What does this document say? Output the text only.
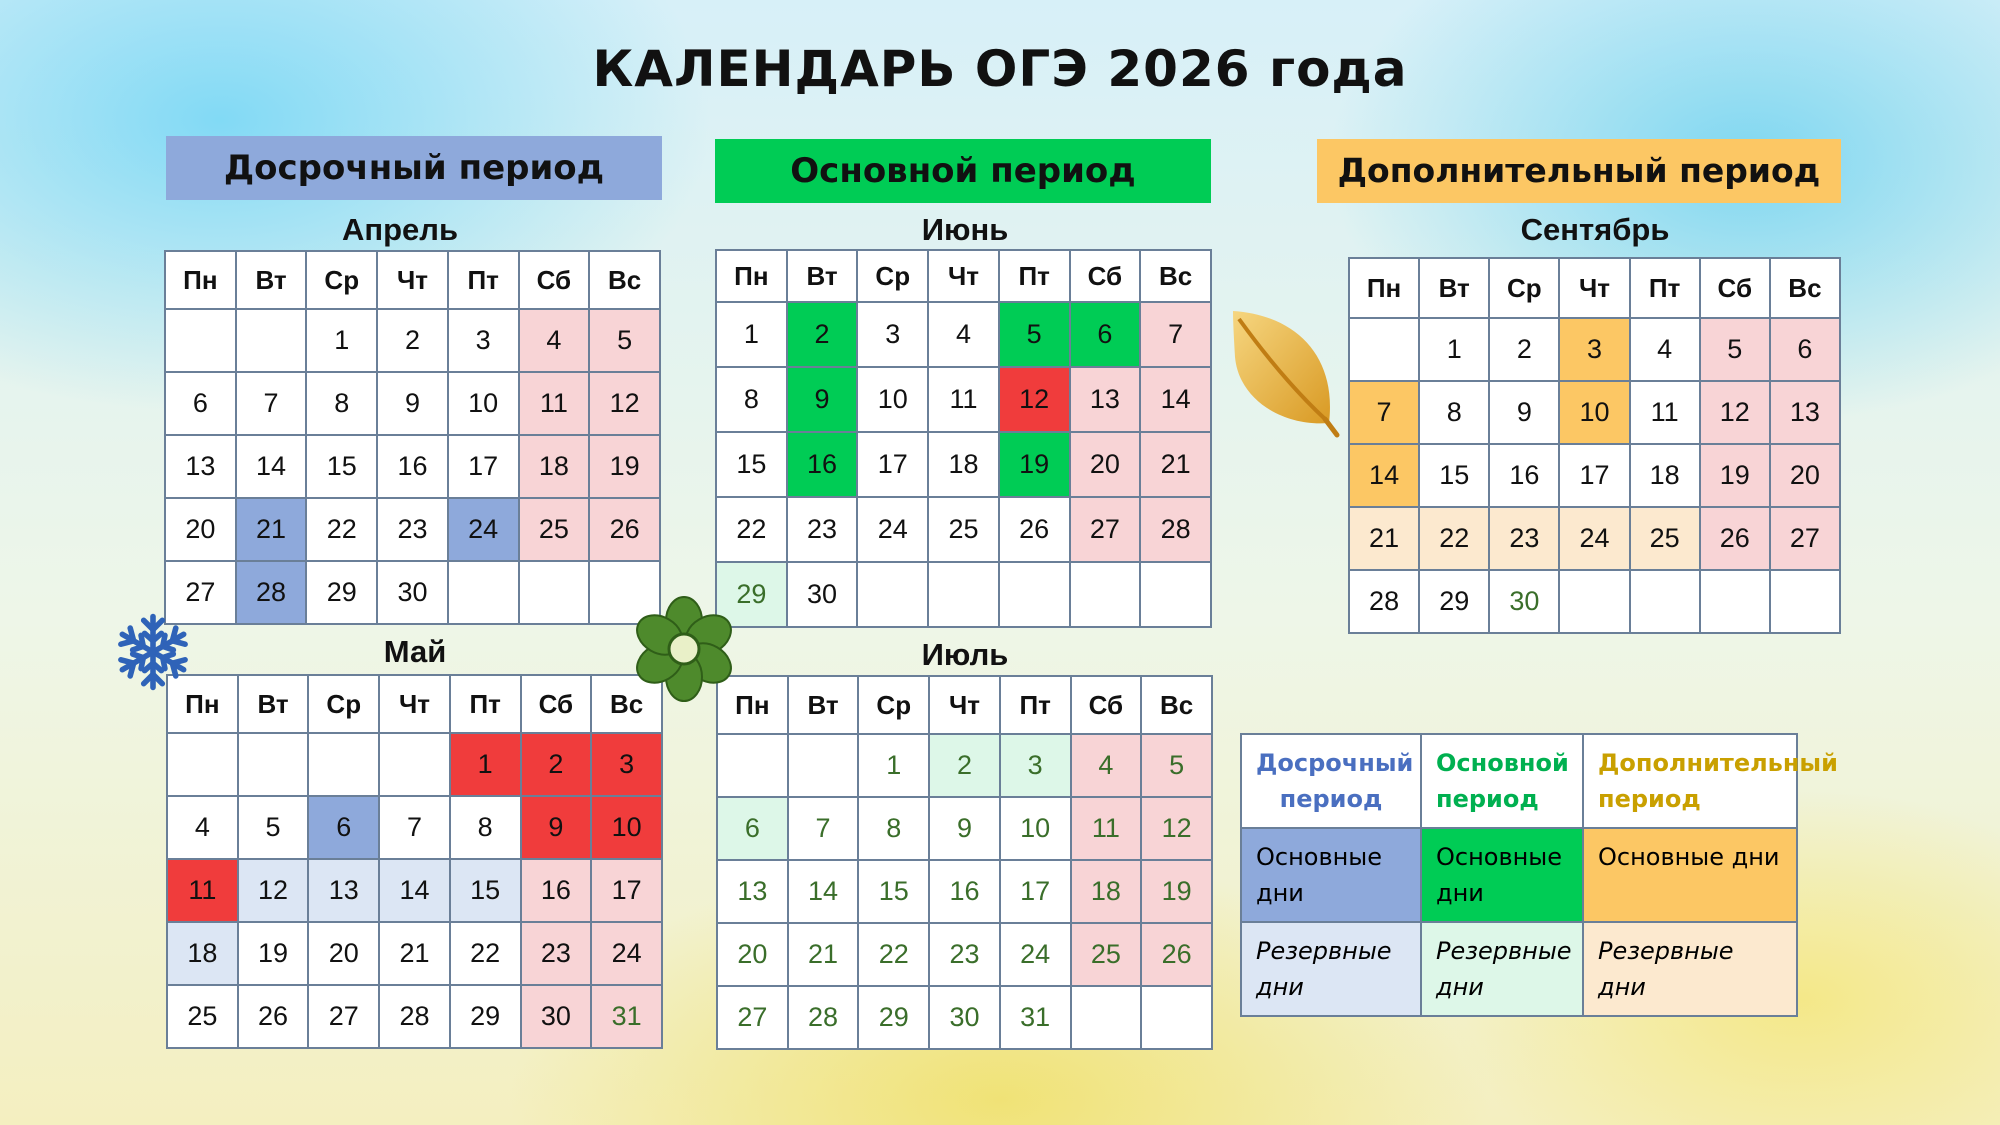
КАЛЕНДАРЬ ОГЭ 2026 года
Досрочный период	Основной период	Дополнительный период
Апрель
Май
Июнь
Июль
Сентябрь
Пн	Вт	Ср	Чт	Пт	Сб	Вс
		1	2	3	4	5
6	7	8	9	10	11	12
13	14	15	16	17	18	19
20	21	22	23	24	25	26
27	28	29	30			
Пн	Вт	Ср	Чт	Пт	Сб	Вс
				1	2	3
4	5	6	7	8	9	10
11	12	13	14	15	16	17
18	19	20	21	22	23	24
25	26	27	28	29	30	31
Пн	Вт	Ср	Чт	Пт	Сб	Вс
1	2	3	4	5	6	7
8	9	10	11	12	13	14
15	16	17	18	19	20	21
22	23	24	25	26	27	28
29	30					
Пн	Вт	Ср	Чт	Пт	Сб	Вс
		1	2	3	4	5
6	7	8	9	10	11	12
13	14	15	16	17	18	19
20	21	22	23	24	25	26
27	28	29	30	31		
Пн	Вт	Ср	Чт	Пт	Сб	Вс
	1	2	3	4	5	6
7	8	9	10	11	12	13
14	15	16	17	18	19	20
21	22	23	24	25	26	27
28	29	30				
Досрочный период	Основной период	Дополнительный период
Основные дни	Основные дни	Основные дни
Резервные дни	Резервные дни	Резервные дни
